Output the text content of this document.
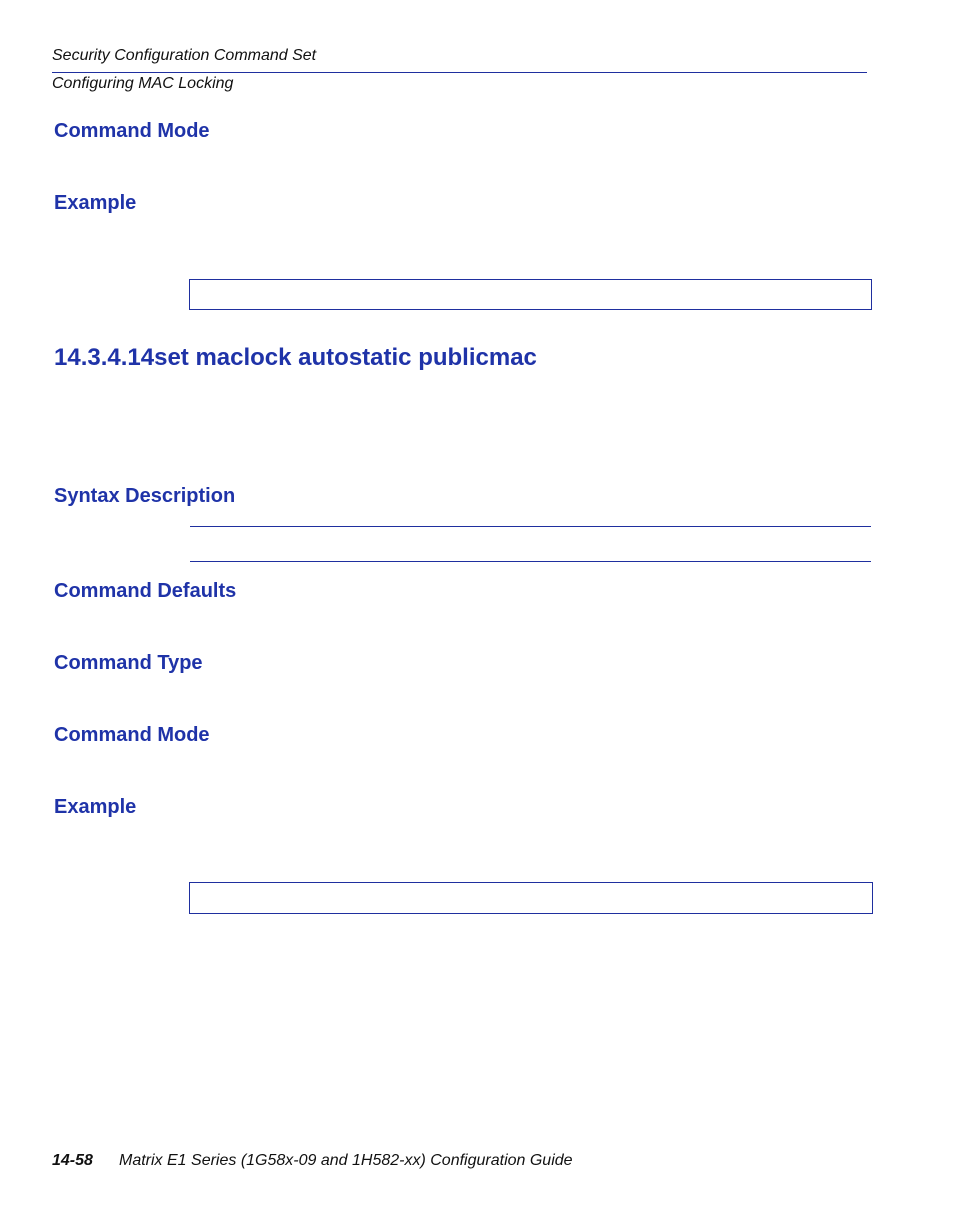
Security Configuration Command Set
Configuring MAC Locking
Command Mode
Example
14.3.4.14set maclock autostatic publicmac
Syntax Description
Command Defaults
Command Type
Command Mode
Example
14-58 Matrix E1 Series (1G58x-09 and 1H582-xx) Configuration Guide
